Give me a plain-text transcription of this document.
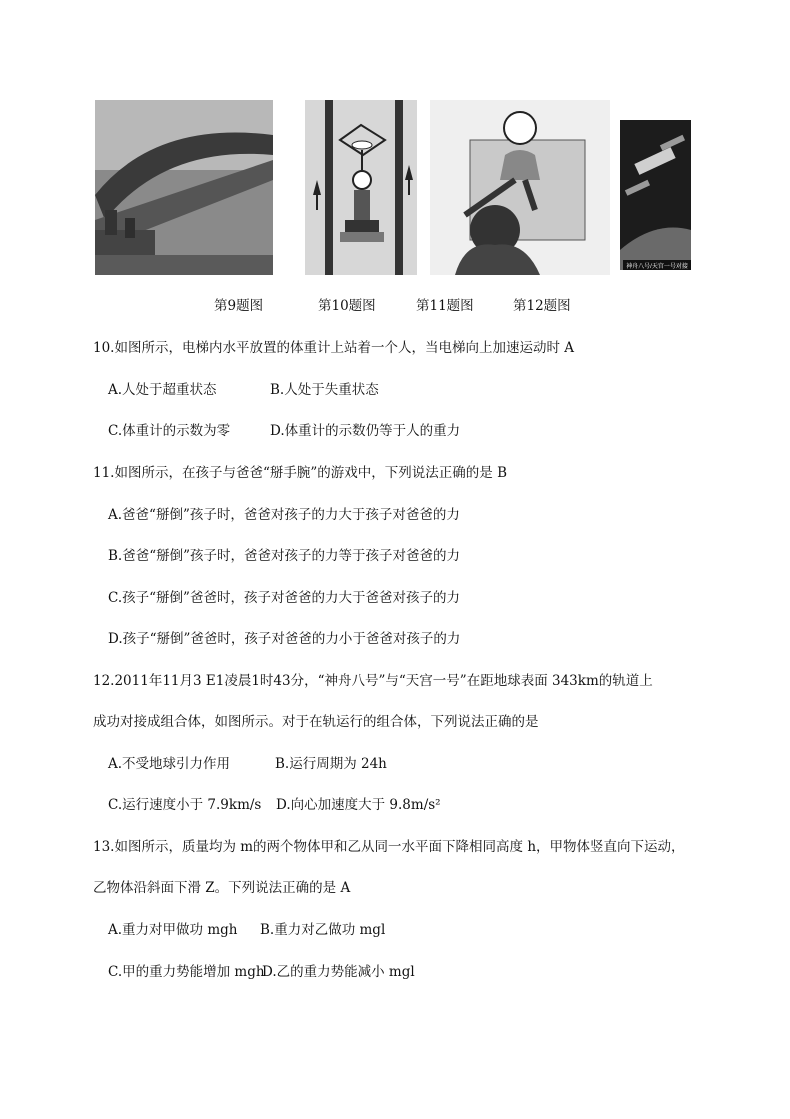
神舟八号/天宫一号对接
第9题图	第10题图	第11题图	第12题图
10.如图所示，电梯内水平放置的体重计上站着一个人，当电梯向上加速运动时 A
A.人处于超重状态	B.人处于失重状态
C.体重计的示数为零	D.体重计的示数仍等于人的重力
11.如图所示，在孩子与爸爸“掰手腕”的游戏中，下列说法正确的是 B
A.爸爸“掰倒”孩子时，爸爸对孩子的力大于孩子对爸爸的力
B.爸爸“掰倒”孩子时，爸爸对孩子的力等于孩子对爸爸的力
C.孩子“掰倒”爸爸时，孩子对爸爸的力大于爸爸对孩子的力
D.孩子“掰倒”爸爸时，孩子对爸爸的力小于爸爸对孩子的力
12.2011年11月3 E1凌晨1时43分，“神舟八号”与“天宫一号”在距地球表面 343km的轨道上
成功对接成组合体，如图所示。对于在轨运行的组合体，下列说法正确的是
A.不受地球引力作用	B.运行周期为 24h
C.运行速度小于 7.9km/s D.向心加速度大于 9.8m/s²
13.如图所示，质量均为 m的两个物体甲和乙从同一水平面下降相同高度 h，甲物体竖直向下运动，
乙物体沿斜面下滑 Z。下列说法正确的是 A
A.重力对甲做功 mgh B.重力对乙做功 mgl
C.甲的重力势能增加 mgh
D.乙的重力势能减小 mgl
